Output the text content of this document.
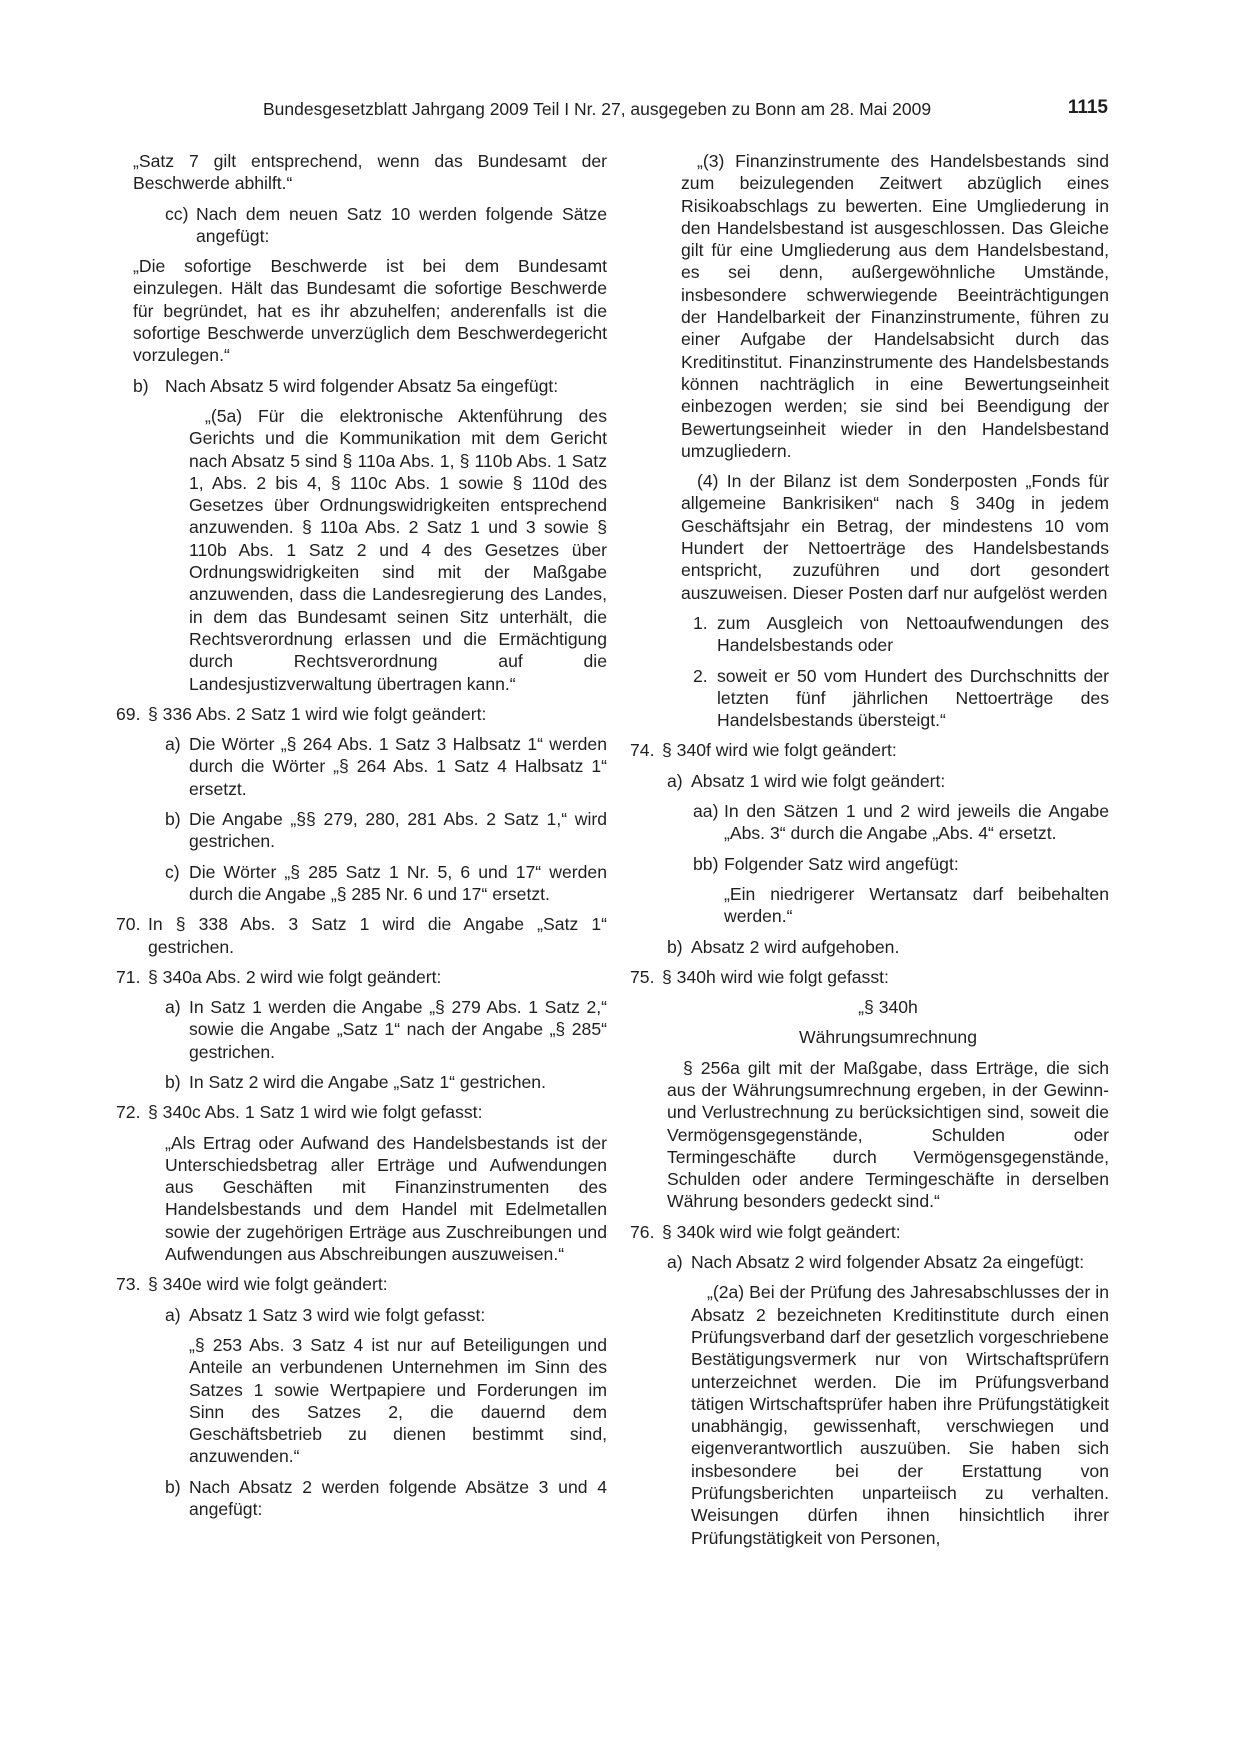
Bundesgesetzblatt Jahrgang 2009 Teil I Nr. 27, ausgegeben zu Bonn am 28. Mai 2009	1115

„Satz 7 gilt entsprechend, wenn das Bundesamt der Beschwerde abhilft.“

cc) Nach dem neuen Satz 10 werden folgende Sätze angefügt:

„Die sofortige Beschwerde ist bei dem Bundesamt einzulegen. Hält das Bundesamt die sofortige Beschwerde für begründet, hat es ihr abzuhelfen; anderenfalls ist die sofortige Beschwerde unverzüglich dem Beschwerdegericht vorzulegen.“

b) Nach Absatz 5 wird folgender Absatz 5a eingefügt:

„(5a) Für die elektronische Aktenführung des Gerichts und die Kommunikation mit dem Gericht nach Absatz 5 sind § 110a Abs. 1, § 110b Abs. 1 Satz 1, Abs. 2 bis 4, § 110c Abs. 1 sowie § 110d des Gesetzes über Ordnungswidrigkeiten entsprechend anzuwenden. § 110a Abs. 2 Satz 1 und 3 sowie § 110b Abs. 1 Satz 2 und 4 des Gesetzes über Ordnungswidrigkeiten sind mit der Maßgabe anzuwenden, dass die Landesregierung des Landes, in dem das Bundesamt seinen Sitz unterhält, die Rechtsverordnung erlassen und die Ermächtigung durch Rechtsverordnung auf die Landesjustizverwaltung übertragen kann.“

69. § 336 Abs. 2 Satz 1 wird wie folgt geändert:
a) Die Wörter „§ 264 Abs. 1 Satz 3 Halbsatz 1“ werden durch die Wörter „§ 264 Abs. 1 Satz 4 Halbsatz 1“ ersetzt.
b) Die Angabe „§§ 279, 280, 281 Abs. 2 Satz 1,“ wird gestrichen.
c) Die Wörter „§ 285 Satz 1 Nr. 5, 6 und 17“ werden durch die Angabe „§ 285 Nr. 6 und 17“ ersetzt.
70. In § 338 Abs. 3 Satz 1 wird die Angabe „Satz 1“ gestrichen.
71. § 340a Abs. 2 wird wie folgt geändert:
a) In Satz 1 werden die Angabe „§ 279 Abs. 1 Satz 2,“ sowie die Angabe „Satz 1“ nach der Angabe „§ 285“ gestrichen.
b) In Satz 2 wird die Angabe „Satz 1“ gestrichen.
72. § 340c Abs. 1 Satz 1 wird wie folgt gefasst:

„Als Ertrag oder Aufwand des Handelsbestands ist der Unterschiedsbetrag aller Erträge und Aufwendungen aus Geschäften mit Finanzinstrumenten des Handelsbestands und dem Handel mit Edelmetallen sowie der zugehörigen Erträge aus Zuschreibungen und Aufwendungen aus Abschreibungen auszuweisen.“

73. § 340e wird wie folgt geändert:
a) Absatz 1 Satz 3 wird wie folgt gefasst:

„§ 253 Abs. 3 Satz 4 ist nur auf Beteiligungen und Anteile an verbundenen Unternehmen im Sinn des Satzes 1 sowie Wertpapiere und Forderungen im Sinn des Satzes 2, die dauernd dem Geschäftsbetrieb zu dienen bestimmt sind, anzuwenden.“

b) Nach Absatz 2 werden folgende Absätze 3 und 4 angefügt:

„(3) Finanzinstrumente des Handelsbestands sind zum beizulegenden Zeitwert abzüglich eines Risikoabschlags zu bewerten. Eine Umgliederung in den Handelsbestand ist ausgeschlossen. Das Gleiche gilt für eine Umgliederung aus dem Handelsbestand, es sei denn, außergewöhnliche Umstände, insbesondere schwerwiegende Beeinträchtigungen der Handelbarkeit der Finanzinstrumente, führen zu einer Aufgabe der Handelsabsicht durch das Kreditinstitut. Finanzinstrumente des Handelsbestands können nachträglich in eine Bewertungseinheit einbezogen werden; sie sind bei Beendigung der Bewertungseinheit wieder in den Handelsbestand umzugliedern.

(4) In der Bilanz ist dem Sonderposten „Fonds für allgemeine Bankrisiken“ nach § 340g in jedem Geschäftsjahr ein Betrag, der mindestens 10 vom Hundert der Nettoerträge des Handelsbestands entspricht, zuzuführen und dort gesondert auszuweisen. Dieser Posten darf nur aufgelöst werden

1. zum Ausgleich von Nettoaufwendungen des Handelsbestands oder
2. soweit er 50 vom Hundert des Durchschnitts der letzten fünf jährlichen Nettoerträge des Handelsbestands übersteigt.“
74. § 340f wird wie folgt geändert:
a) Absatz 1 wird wie folgt geändert:
aa) In den Sätzen 1 und 2 wird jeweils die Angabe „Abs. 3“ durch die Angabe „Abs. 4“ ersetzt.
bb) Folgender Satz wird angefügt:

„Ein niedrigerer Wertansatz darf beibehalten werden.“

b) Absatz 2 wird aufgehoben.
75. § 340h wird wie folgt gefasst:

„§ 340h

Währungsumrechnung

§ 256a gilt mit der Maßgabe, dass Erträge, die sich aus der Währungsumrechnung ergeben, in der Gewinn- und Verlustrechnung zu berücksichtigen sind, soweit die Vermögensgegenstände, Schulden oder Termingeschäfte durch Vermögensgegenstände, Schulden oder andere Termingeschäfte in derselben Währung besonders gedeckt sind.“

76. § 340k wird wie folgt geändert:
a) Nach Absatz 2 wird folgender Absatz 2a eingefügt:

„(2a) Bei der Prüfung des Jahresabschlusses der in Absatz 2 bezeichneten Kreditinstitute durch einen Prüfungsverband darf der gesetzlich vorgeschriebene Bestätigungsvermerk nur von Wirtschaftsprüfern unterzeichnet werden. Die im Prüfungsverband tätigen Wirtschaftsprüfer haben ihre Prüfungstätigkeit unabhängig, gewissenhaft, verschwiegen und eigenverantwortlich auszuüben. Sie haben sich insbesondere bei der Erstattung von Prüfungsberichten unparteiisch zu verhalten. Weisungen dürfen ihnen hinsichtlich ihrer Prüfungstätigkeit von Personen,
